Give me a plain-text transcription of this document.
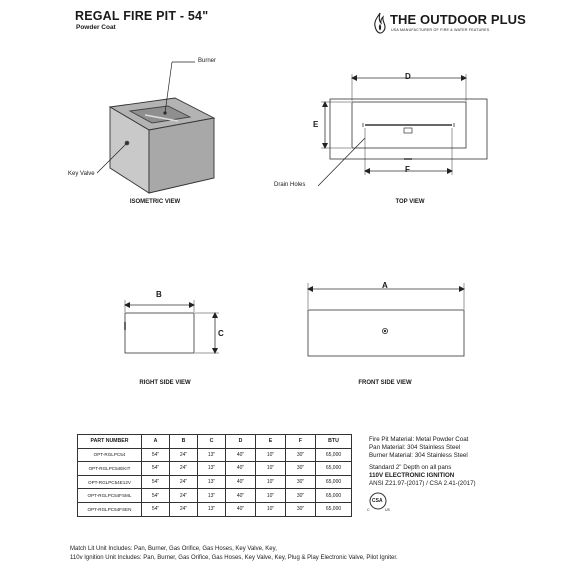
REGAL FIRE PIT - 54"
Powder Coat
THE OUTDOOR PLUS
USA MANUFACTURER OF FIRE & WATER FEATURES
Burner
Key Valve
ISOMETRIC VIEW
D
E
F
Drain Holes
TOP VIEW
B
C
RIGHT SIDE VIEW
A
FRONT SIDE VIEW
PART NUMBER	A	B	C	D	E	F	BTU
OPT-RGLPC54	54"	24"	13"	40"	10"	30"	65,000
OPT-RGLPC54EKIT	54"	24"	13"	40"	10"	30"	65,000
OPT-RGLPC54E12V	54"	24"	13"	40"	10"	30"	65,000
OPT-RGLPC54FSML	54"	24"	13"	40"	10"	30"	65,000
OPT-RGLPC54FSEN	54"	24"	13"	40"	10"	30"	65,000
Fire Pit Material: Metal Powder Coat
Pan Material: 304 Stainless Steel
Burner Material: 304 Stainless Steel
Standard 2" Depth on all pans
110V ELECTRONIC IGNITION
ANSI Z21.97-(2017) / CSA 2.41-(2017)
CSA
C	US
Match Lit Unit Includes: Pan, Burner, Gas Orifice, Gas Hoses, Key Valve, Key,
110v Ignition Unit Includes: Pan, Burner, Gas Orifice, Gas Hoses, Key Valve, Key, Plug & Play Electronic Valve, Pilot Igniter.
